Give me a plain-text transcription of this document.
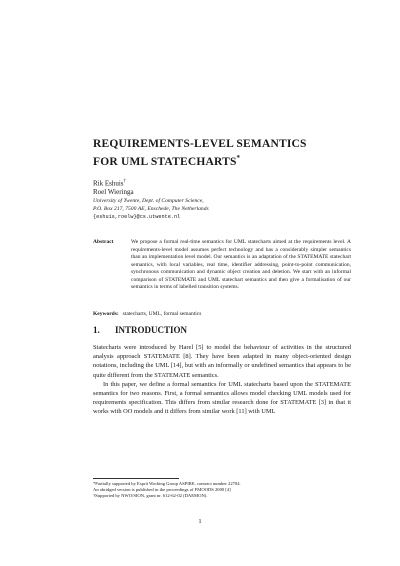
REQUIREMENTS-LEVEL SEMANTICS
FOR UML STATECHARTS*
Rik Eshuis†
Roel Wieringa
University of Twente, Dept. of Computer Science,
P.O. Box 217, 7500 AE, Enschede, The Netherlands
{eshuis,roelw}@cs.utwente.nl
Abstract	We propose a formal real-time semantics for UML statecharts aimed at the requirements level. A requirements-level model assumes perfect technology and has a considerably simpler semantics than an implementation level model. Our semantics is an adaptation of the STATEMATE statechart semantics, with local variables, real time, identifier addressing, point-to-point communication, synchronous communication and dynamic object creation and deletion. We start with an informal comparison of STATEMATE and UML statechart semantics and then give a formalisation of our semantics in terms of labelled transition systems.
Keywords: statecharts, UML, formal semantics
1. INTRODUCTION

Statecharts were introduced by Harel [5] to model the behaviour of activities in the structured analysis approach STATEMATE [8]. They have been adapted in many object-oriented design notations, including the UML [14], but with an informally or undefined semantics that appears to be quite different from the STATEMATE semantics.

In this paper, we define a formal semantics for UML statecharts based upon the STATEMATE semantics for two reasons. First, a formal semantics allows model checking UML models used for requirements specification. This differs from similar research done for STATEMATE [3] in that it works with OO models and it differs from similar work [11] with UML

*Partially supported by Esprit Working Group ASPIRE, contract number 22704.
An abridged version is published in the proceedings of FMOODS 2000 [4]
†Supported by NWO/SION, grant nr. 612-62-02 (DAEMON).
1
